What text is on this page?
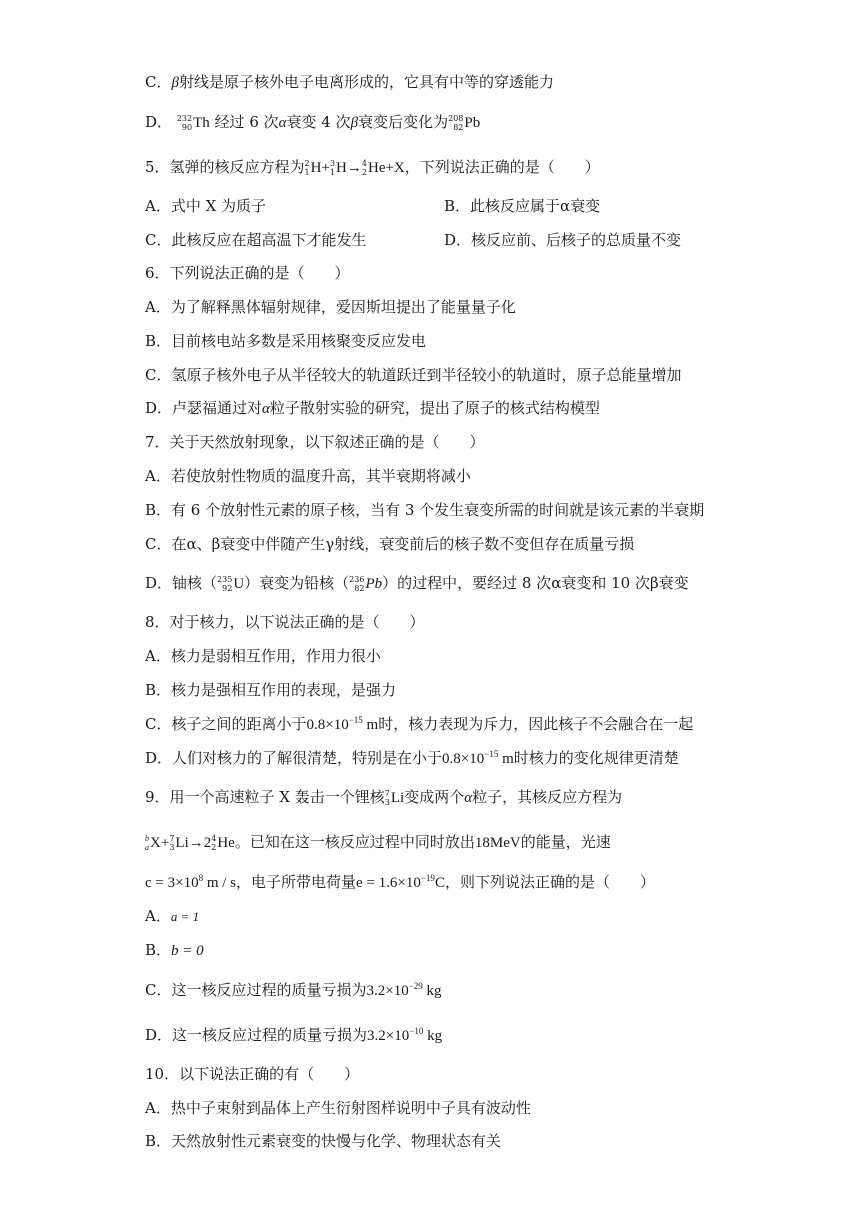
C．β射线是原子核外电子电离形成的，它具有中等的穿透能力
D． 232
90 Th 经过 6 次α衰变 4 次β衰变后变化为 208
82 Pb
5．氢弹的核反应方程为 2
1 H+ 3
1 H→ 4
2 He+X，下列说法正确的是（　　）
A．式中 X 为质子	B．此核反应属于α衰变
C．此核反应在超高温下才能发生	D．核反应前、后核子的总质量不变
6．下列说法正确的是（　　）
A．为了解释黑体辐射规律，爱因斯坦提出了能量量子化
B．目前核电站多数是采用核聚变反应发电
C．氢原子核外电子从半径较大的轨道跃迁到半径较小的轨道时，原子总能量增加
D．卢瑟福通过对α粒子散射实验的研究，提出了原子的核式结构模型
7．关于天然放射现象，以下叙述正确的是（　　）
A．若使放射性物质的温度升高，其半衰期将减小
B．有 6 个放射性元素的原子核，当有 3 个发生衰变所需的时间就是该元素的半衰期
C．在α、β衰变中伴随产生γ射线，衰变前后的核子数不变但存在质量亏损
D．铀核（ 235
92 U）衰变为铅核（ 236
82 Pb）的过程中，要经过 8 次α衰变和 10 次β衰变
8．对于核力，以下说法正确的是（　　）
A．核力是弱相互作用，作用力很小
B．核力是强相互作用的表现，是强力
C．核子之间的距离小于$0.8\times 10^{-15}$ m时，核力表现为斥力，因此核子不会融合在一起
D．人们对核力的了解很清楚，特别是在小于$0.8\times 10^{-15}$ m时核力的变化规律更清楚
9．用一个高速粒子 X 轰击一个锂核 7
3 Li变成两个α粒子，其核反应方程为
b
a X+ 7
3 Li→2 4
2 He。已知在这一核反应过程中同时放出18MeV的能量，光速
$c = 3\times 10^8$ m / s，电子所带电荷量$e = 1.6\times 10^{-19}C$，则下列说法正确的是（　　）
A．a = 1
B．b = 0
C．这一核反应过程的质量亏损为$3.2\times 10^{-29}$ kg
D．这一核反应过程的质量亏损为$3.2\times 10^{-10}$ kg
10．以下说法正确的有（　　）
A．热中子束射到晶体上产生衍射图样说明中子具有波动性
B．天然放射性元素衰变的快慢与化学、物理状态有关
